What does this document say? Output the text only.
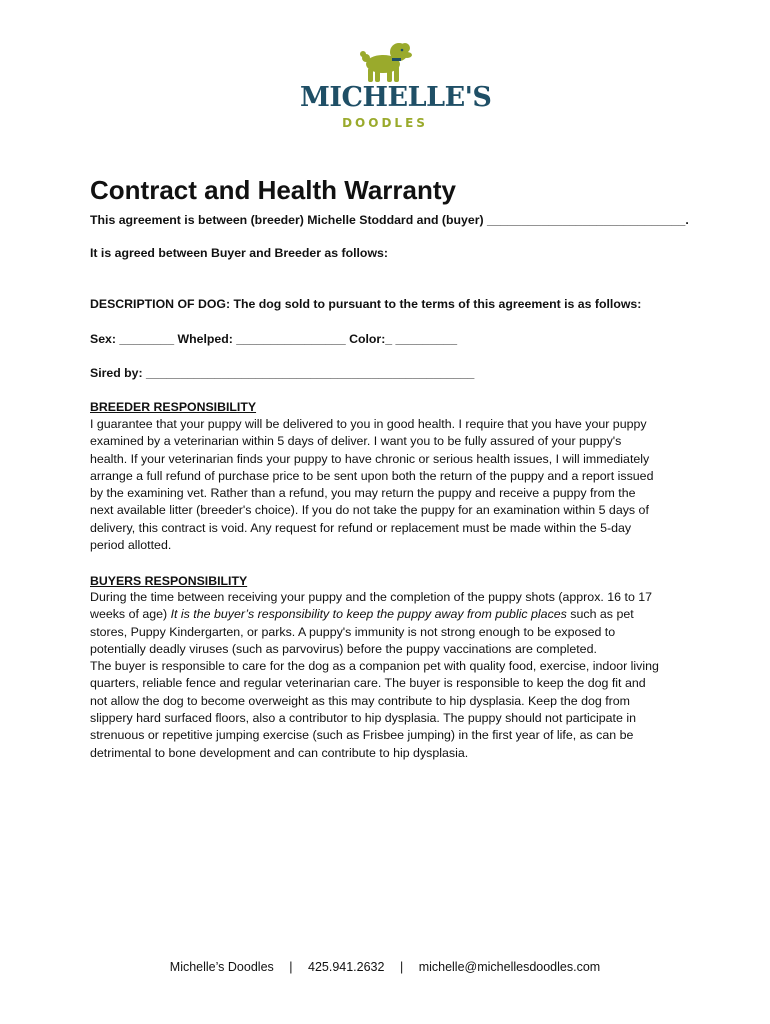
MICHELLE'S
DOODLES
Contract and Health Warranty
This agreement is between (breeder) Michelle Stoddard and (buyer) _____________________________.
It is agreed between Buyer and Breeder as follows:
DESCRIPTION OF DOG: The dog sold to pursuant to the terms of this agreement is as follows:
Sex: ________ Whelped: ________________ Color:_ _________
Sired by: ________________________________________________
BREEDER RESPONSIBILITY
I guarantee that your puppy will be delivered to you in good health. I require that you have your puppy
examined by a veterinarian within 5 days of deliver. I want you to be fully assured of your puppy's
health. If your veterinarian finds your puppy to have chronic or serious health issues, I will immediately
arrange a full refund of purchase price to be sent upon both the return of the puppy and a report issued
by the examining vet. Rather than a refund, you may return the puppy and receive a puppy from the
next available litter (breeder's choice). If you do not take the puppy for an examination within 5 days of
delivery, this contract is void. Any request for refund or replacement must be made within the 5-day
period allotted.
BUYERS RESPONSIBILITY
During the time between receiving your puppy and the completion of the puppy shots (approx. 16 to 17
weeks of age) It is the buyer’s responsibility to keep the puppy away from public places such as pet
stores, Puppy Kindergarten, or parks. A puppy's immunity is not strong enough to be exposed to
potentially deadly viruses (such as parvovirus) before the puppy vaccinations are completed.
The buyer is responsible to care for the dog as a companion pet with quality food, exercise, indoor living
quarters, reliable fence and regular veterinarian care. The buyer is responsible to keep the dog fit and
not allow the dog to become overweight as this may contribute to hip dysplasia. Keep the dog from
slippery hard surfaced floors, also a contributor to hip dysplasia. The puppy should not participate in
strenuous or repetitive jumping exercise (such as Frisbee jumping) in the first year of life, as can be
detrimental to bone development and can contribute to hip dysplasia.
Michelle’s Doodles | 425.941.2632 | michelle@michellesdoodles.com
